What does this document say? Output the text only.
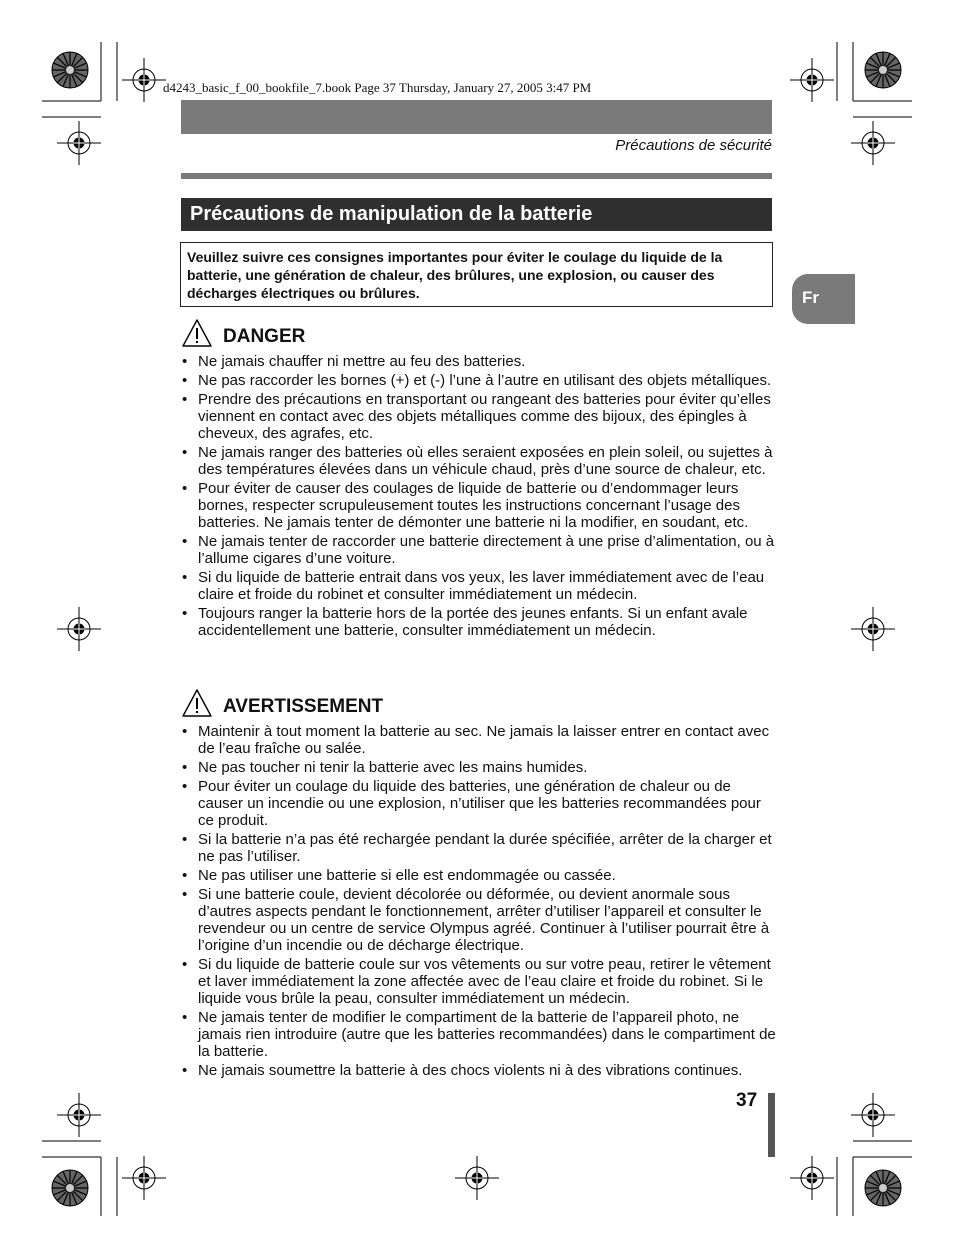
d4243_basic_f_00_bookfile_7.book Page 37 Thursday, January 27, 2005 3:47 PM
Précautions de sécurité
Précautions de manipulation de la batterie
Veuillez suivre ces consignes importantes pour éviter le coulage du liquide de la batterie, une génération de chaleur, des brûlures, une explosion, ou causer des décharges électriques ou brûlures.	Fr
DANGER
• Ne jamais chauffer ni mettre au feu des batteries.
• Ne pas raccorder les bornes (+) et (-) l’une à l’autre en utilisant des objets métalliques.
• Prendre des précautions en transportant ou rangeant des batteries pour éviter qu’elles viennent en contact avec des objets métalliques comme des bijoux, des épingles à cheveux, des agrafes, etc.
• Ne jamais ranger des batteries où elles seraient exposées en plein soleil, ou sujettes à des températures élevées dans un véhicule chaud, près d’une source de chaleur, etc.
• Pour éviter de causer des coulages de liquide de batterie ou d’endommager leurs bornes, respecter scrupuleusement toutes les instructions concernant l’usage des batteries. Ne jamais tenter de démonter une batterie ni la modifier, en soudant, etc.
• Ne jamais tenter de raccorder une batterie directement à une prise d’alimentation, ou à l’allume cigares d’une voiture.
• Si du liquide de batterie entrait dans vos yeux, les laver immédiatement avec de l’eau claire et froide du robinet et consulter immédiatement un médecin.
• Toujours ranger la batterie hors de la portée des jeunes enfants. Si un enfant avale accidentellement une batterie, consulter immédiatement un médecin.
AVERTISSEMENT
• Maintenir à tout moment la batterie au sec. Ne jamais la laisser entrer en contact avec de l’eau fraîche ou salée.
• Ne pas toucher ni tenir la batterie avec les mains humides.
• Pour éviter un coulage du liquide des batteries, une génération de chaleur ou de causer un incendie ou une explosion, n’utiliser que les batteries recommandées pour ce produit.
• Si la batterie n’a pas été rechargée pendant la durée spécifiée, arrêter de la charger et ne pas l’utiliser.
• Ne pas utiliser une batterie si elle est endommagée ou cassée.
• Si une batterie coule, devient décolorée ou déformée, ou devient anormale sous d’autres aspects pendant le fonctionnement, arrêter d’utiliser l’appareil et consulter le revendeur ou un centre de service Olympus agréé. Continuer à l’utiliser pourrait être à l’origine d’un incendie ou de décharge électrique.
• Si du liquide de batterie coule sur vos vêtements ou sur votre peau, retirer le vêtement et laver immédiatement la zone affectée avec de l’eau claire et froide du robinet. Si le liquide vous brûle la peau, consulter immédiatement un médecin.
• Ne jamais tenter de modifier le compartiment de la batterie de l’appareil photo, ne jamais rien introduire (autre que les batteries recommandées) dans le compartiment de la batterie.
• Ne jamais soumettre la batterie à des chocs violents ni à des vibrations continues.
37
